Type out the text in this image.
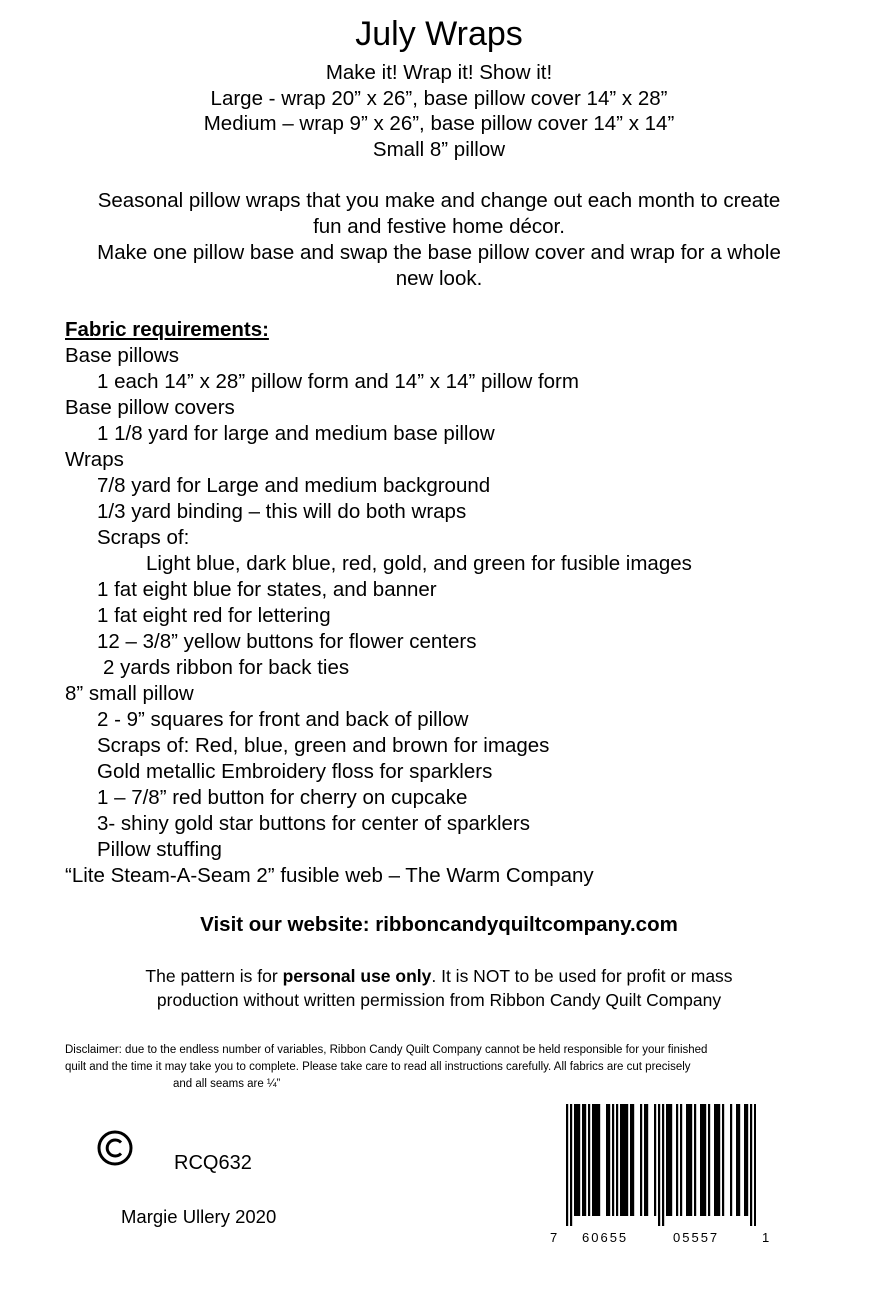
July Wraps
Make it! Wrap it! Show it!
Large - wrap 20” x 26”, base pillow cover 14” x 28”
Medium – wrap 9” x 26”, base pillow cover 14” x 14”
Small 8” pillow
Seasonal pillow wraps that you make and change out each month to create
fun and festive home décor.
Make one pillow base and swap the base pillow cover and wrap for a whole
new look.
Fabric requirements:
Base pillows
1 each 14” x 28” pillow form and 14” x 14” pillow form
Base pillow covers
1 1/8 yard for large and medium base pillow
Wraps
7/8 yard for Large and medium background
1/3 yard binding – this will do both wraps
Scraps of:
Light blue, dark blue, red, gold, and green for fusible images
1 fat eight blue for states, and banner
1 fat eight red for lettering
12 – 3/8” yellow buttons for flower centers
2 yards ribbon for back ties
8” small pillow
2 - 9” squares for front and back of pillow
Scraps of: Red, blue, green and brown for images
Gold metallic Embroidery floss for sparklers
1 – 7/8” red button for cherry on cupcake
3- shiny gold star buttons for center of sparklers
Pillow stuffing
“Lite Steam-A-Seam 2” fusible web – The Warm Company
Visit our website: ribboncandyquiltcompany.com
The pattern is for personal use only. It is NOT to be used for profit or mass
production without written permission from Ribbon Candy Quilt Company
Disclaimer: due to the endless number of variables, Ribbon Candy Quilt Company cannot be held responsible for your finished
quilt and the time it may take you to complete. Please take care to read all instructions carefully. All fabrics are cut precisely
and all seams are ¼”
RCQ632
Margie Ullery 2020
7 60655	05557	1
